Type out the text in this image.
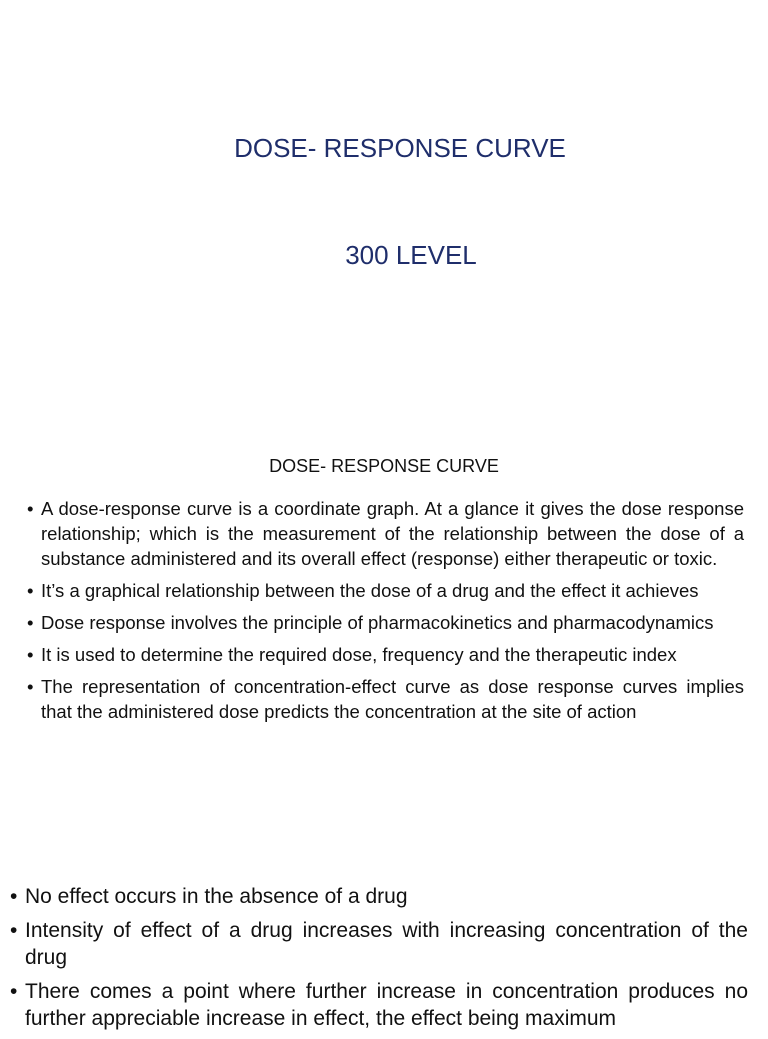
DOSE- RESPONSE CURVE
300 LEVEL
DOSE- RESPONSE CURVE
• A dose-response curve is a coordinate graph. At a glance it gives the dose response relationship; which is the measurement of the relationship between the dose of a substance administered and its overall effect (response) either therapeutic or toxic.
• It’s a graphical relationship between the dose of a drug and the effect it achieves
• Dose response involves the principle of pharmacokinetics and pharmacodynamics
• It is used to determine the required dose, frequency and the therapeutic index
• The representation of concentration-effect curve as dose response curves implies that the administered dose predicts the concentration at the site of action
• No effect occurs in the absence of a drug
• Intensity of effect of a drug increases with increasing concentration of the drug
• There comes a point where further increase in concentration produces no further appreciable increase in effect, the effect being maximum
